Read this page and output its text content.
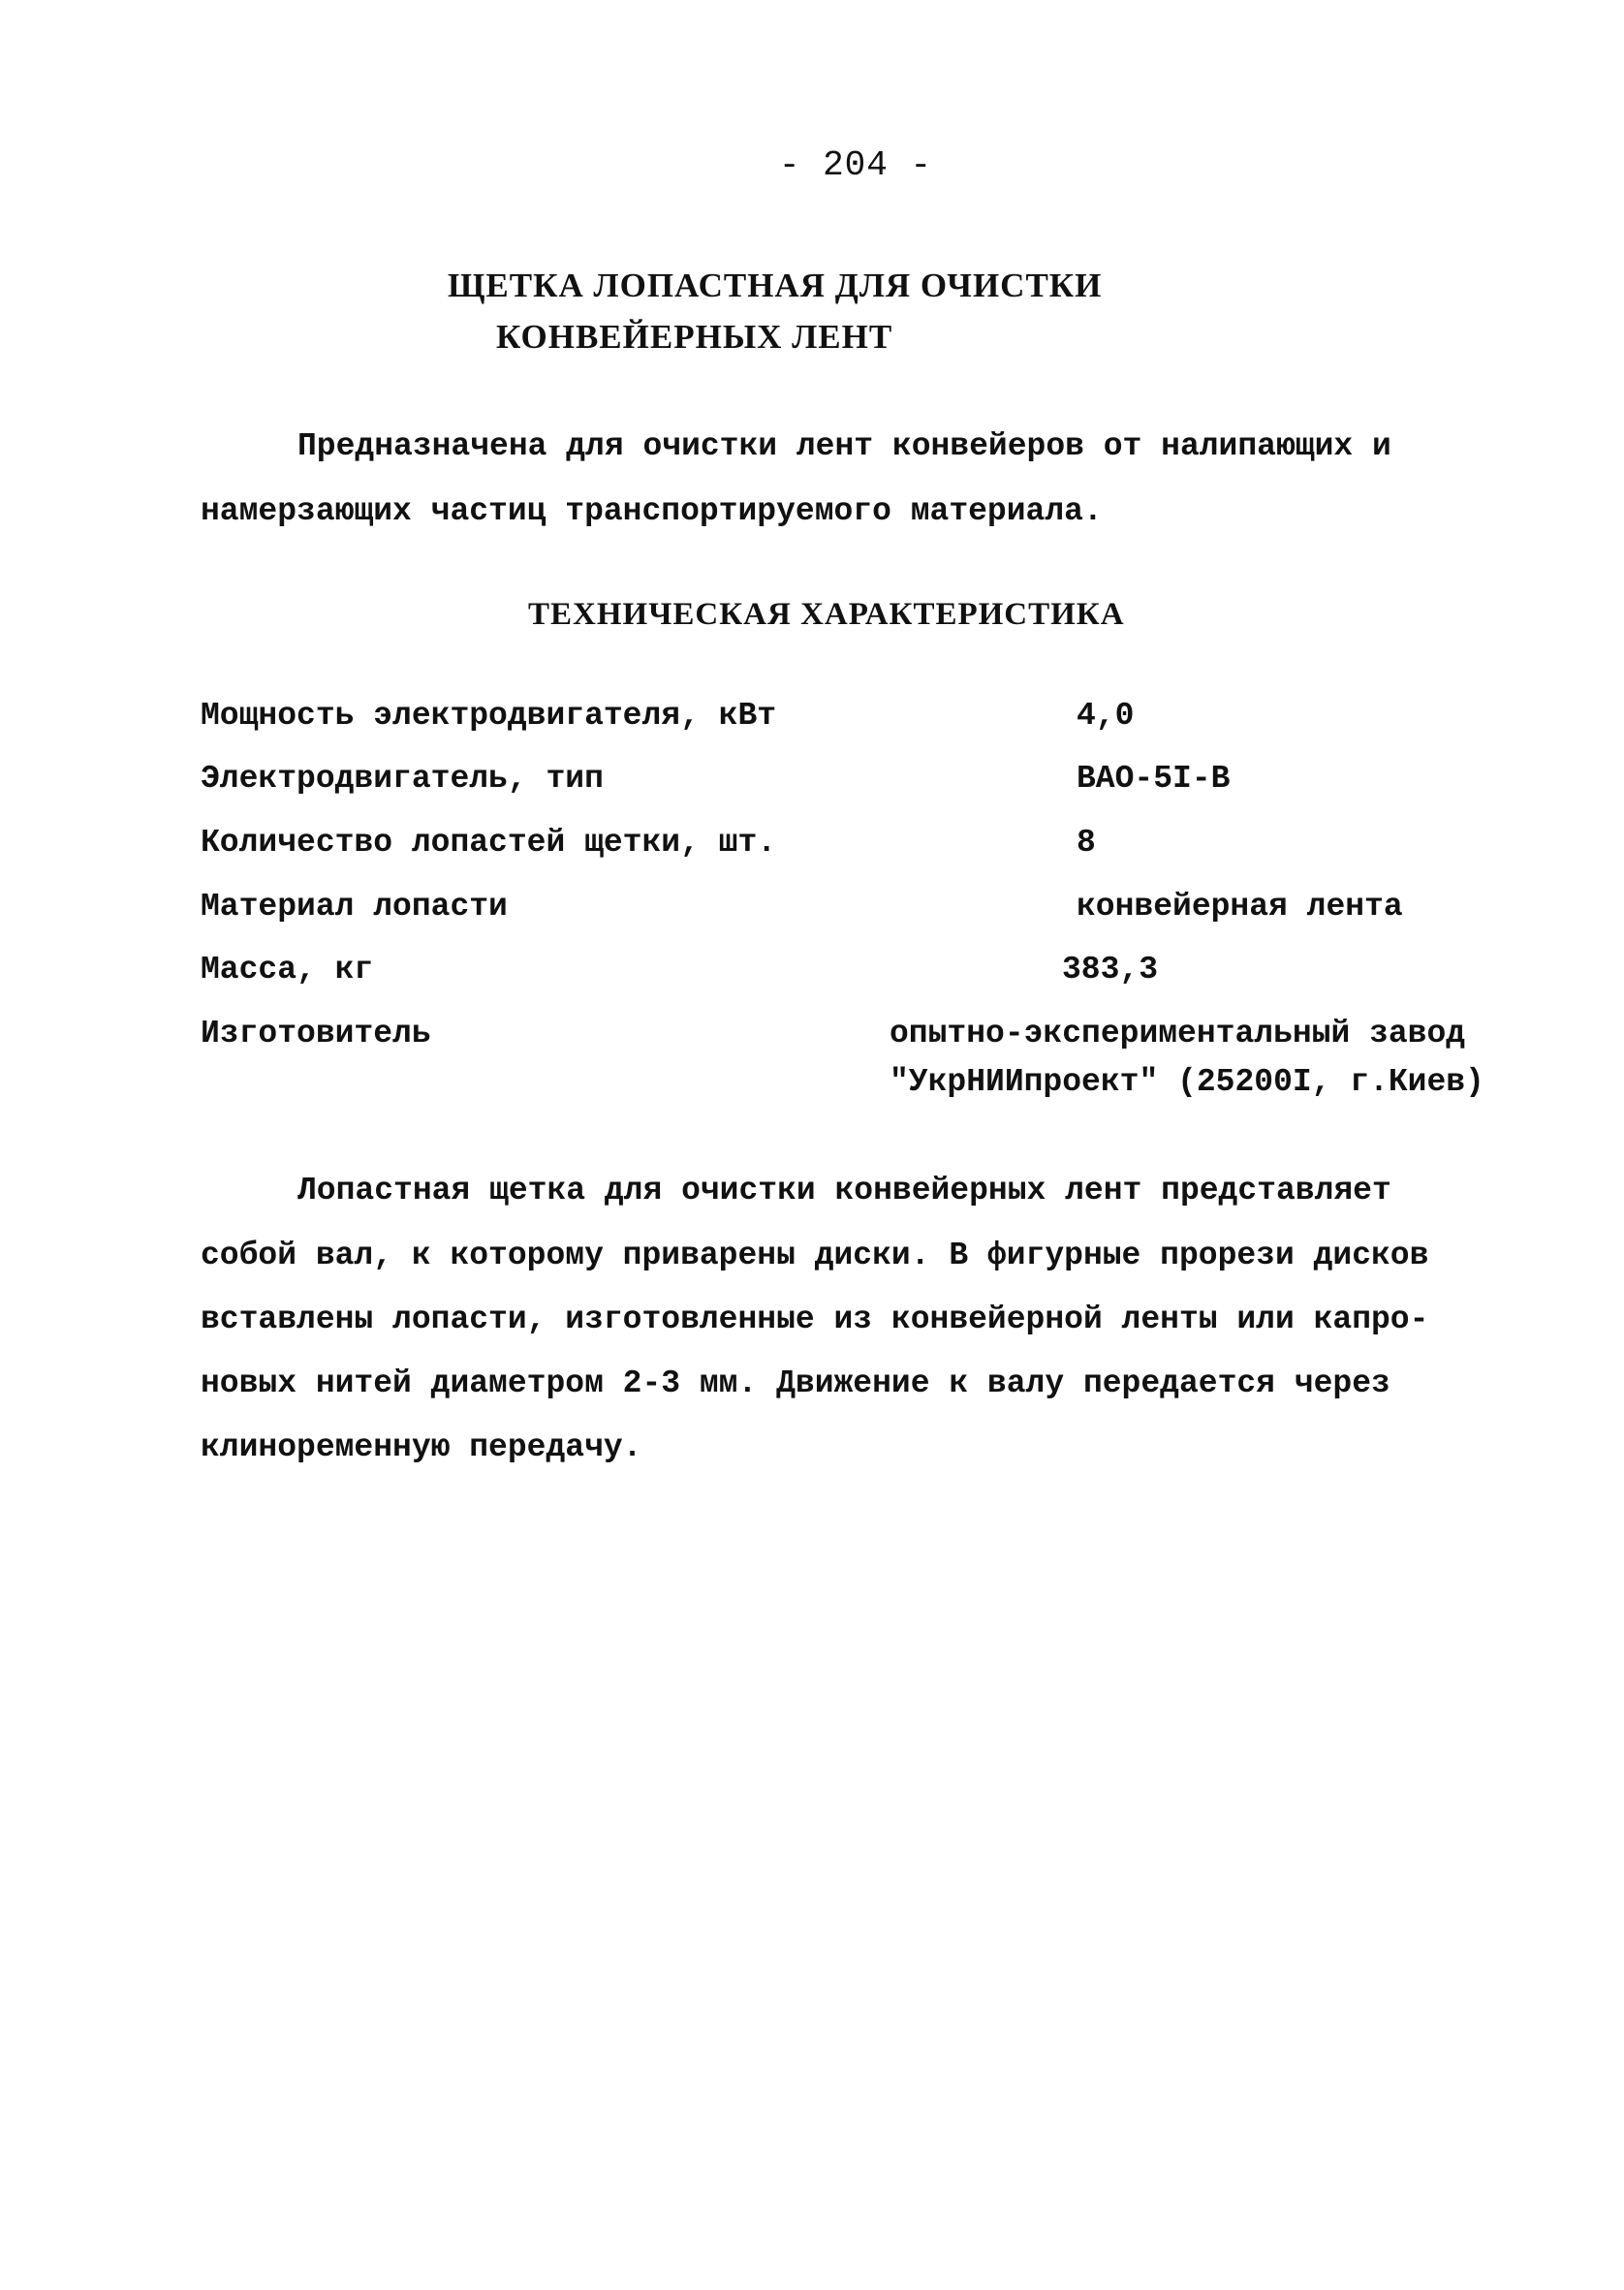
- 204 -
ЩЕТКА ЛОПАСТНАЯ ДЛЯ ОЧИСТКИ
КОНВЕЙЕРНЫХ ЛЕНТ
Предназначена для очистки лент конвейеров от налипающих и
намерзающих частиц транспортируемого материала.
ТЕХНИЧЕСКАЯ ХАРАКТЕРИСТИКА
Мощность электродвигателя, кВт	4,0
Электродвигатель, тип	ВАО-5I-В
Количество лопастей щетки, шт.	8
Материал лопасти	конвейерная лента
Масса, кг	383,3
Изготовитель	опытно-экспериментальный завод
"УкрНИИпроект" (25200I, г.Киев)
Лопастная щетка для очистки конвейерных лент представляет
собой вал, к которому приварены диски. В фигурные прорези дисков
вставлены лопасти, изготовленные из конвейерной ленты или капро-
новых нитей диаметром 2-3 мм. Движение к валу передается через
клиноременную передачу.
